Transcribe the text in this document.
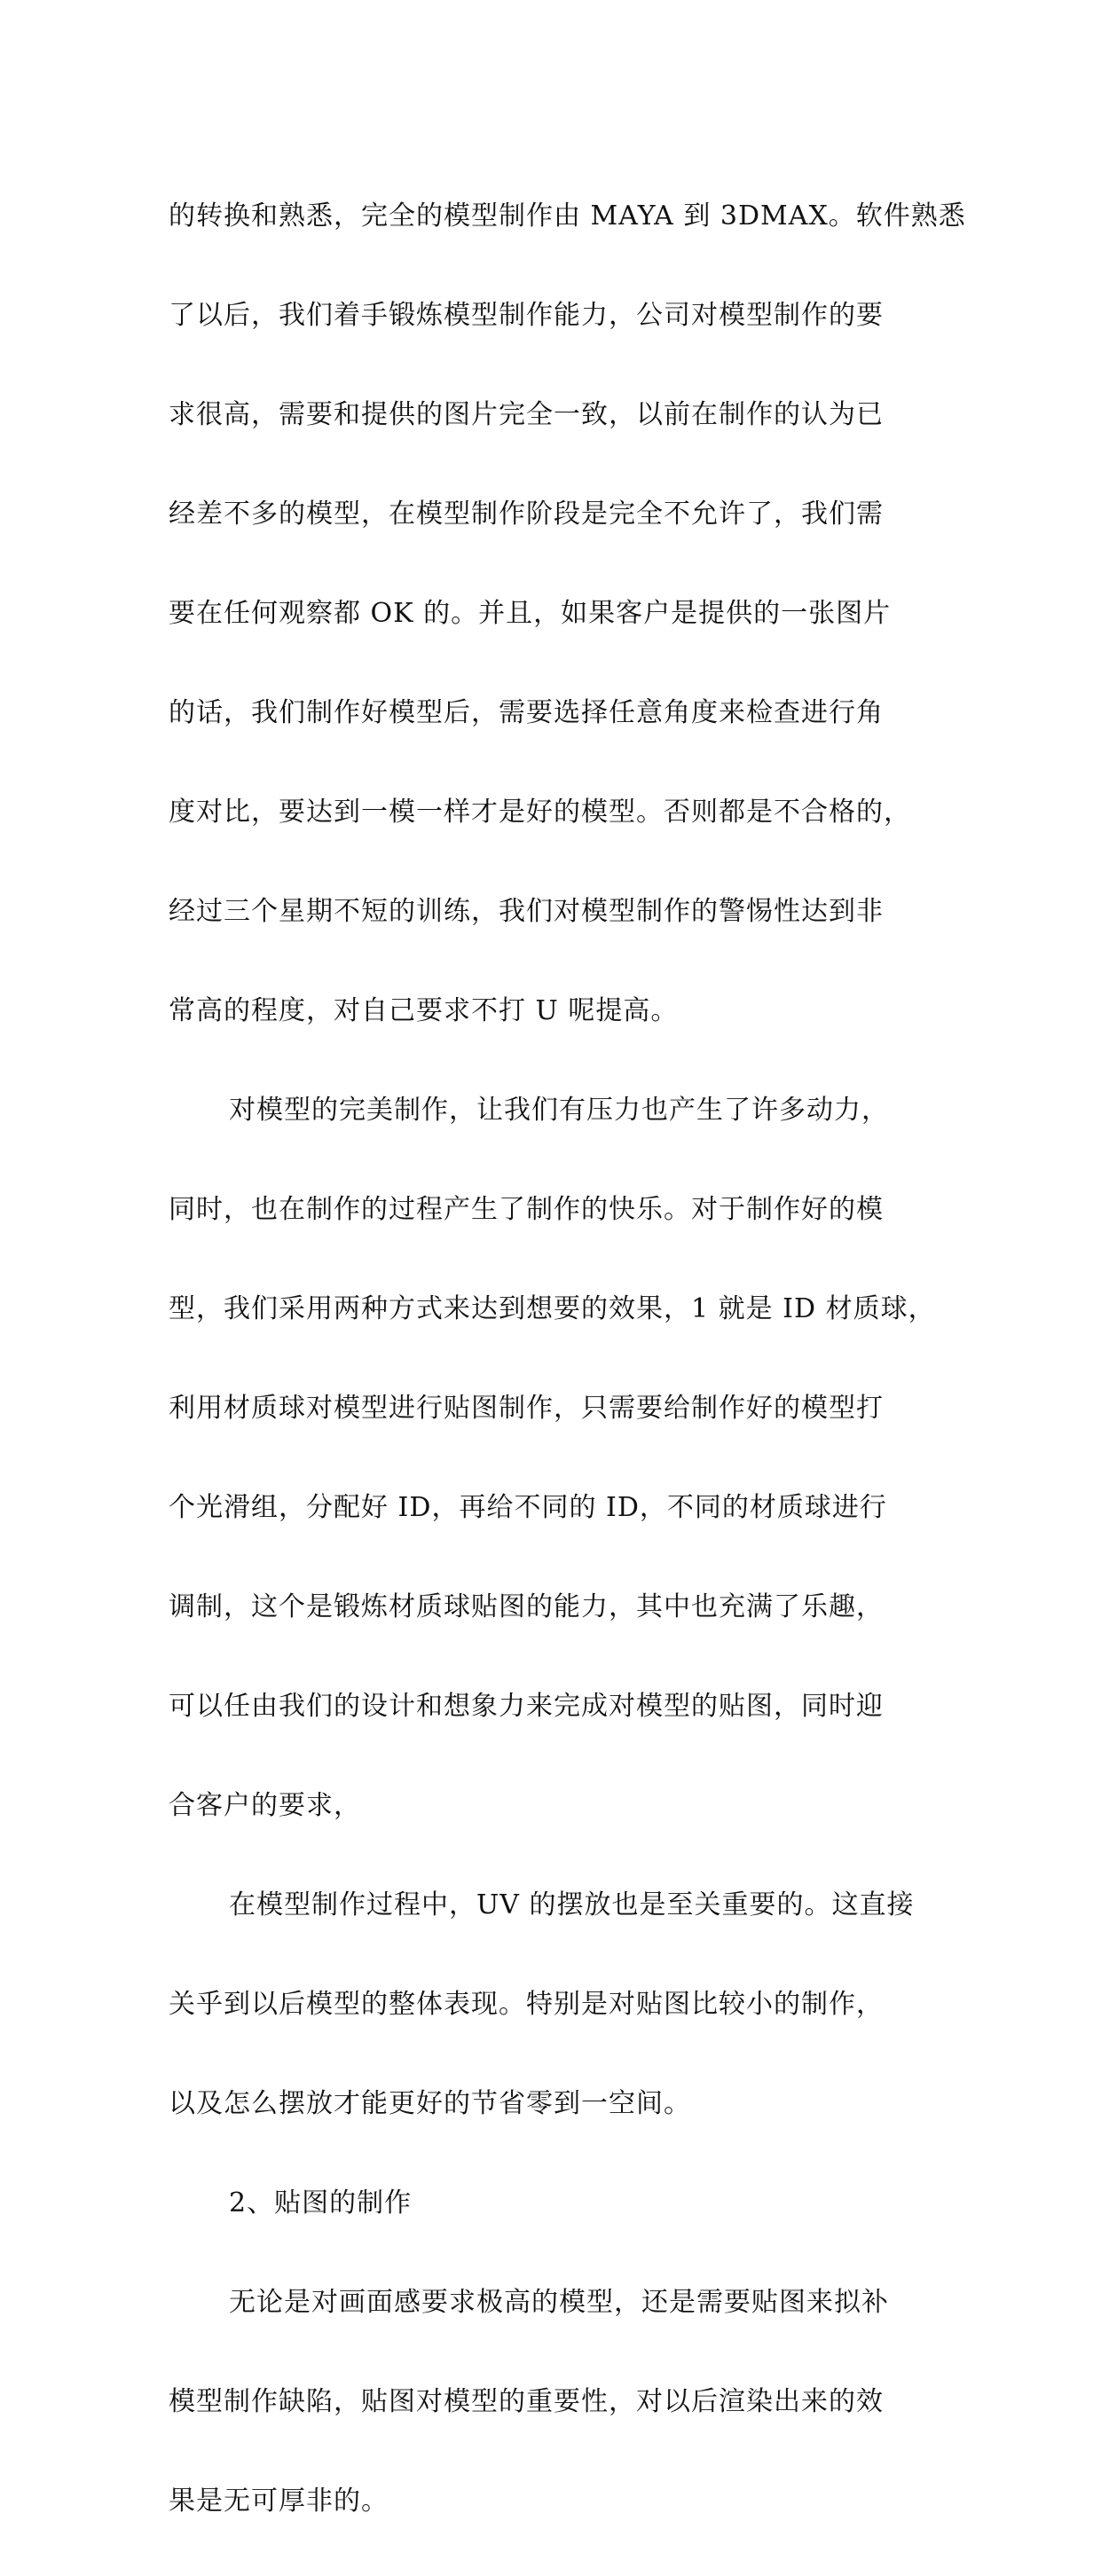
的转换和熟悉，完全的模型制作由 MAYA 到 3DMAX。软件熟悉

了以后，我们着手锻炼模型制作能力，公司对模型制作的要

求很高，需要和提供的图片完全一致，以前在制作的认为已

经差不多的模型，在模型制作阶段是完全不允许了，我们需

要在任何观察都 OK 的。并且，如果客户是提供的一张图片

的话，我们制作好模型后，需要选择任意角度来检查进行角

度对比，要达到一模一样才是好的模型。否则都是不合格的，

经过三个星期不短的训练，我们对模型制作的警惕性达到非

常高的程度，对自己要求不打 U 呢提高。

对模型的完美制作，让我们有压力也产生了许多动力，

同时，也在制作的过程产生了制作的快乐。对于制作好的模

型，我们采用两种方式来达到想要的效果，1 就是 ID 材质球，

利用材质球对模型进行贴图制作，只需要给制作好的模型打

个光滑组，分配好 ID，再给不同的 ID，不同的材质球进行

调制，这个是锻炼材质球贴图的能力，其中也充满了乐趣，

可以任由我们的设计和想象力来完成对模型的贴图，同时迎

合客户的要求，

在模型制作过程中，UV 的摆放也是至关重要的。这直接

关乎到以后模型的整体表现。特别是对贴图比较小的制作，

以及怎么摆放才能更好的节省零到一空间。

2、贴图的制作

无论是对画面感要求极高的模型，还是需要贴图来拟补

模型制作缺陷，贴图对模型的重要性，对以后渲染出来的效

果是无可厚非的。
